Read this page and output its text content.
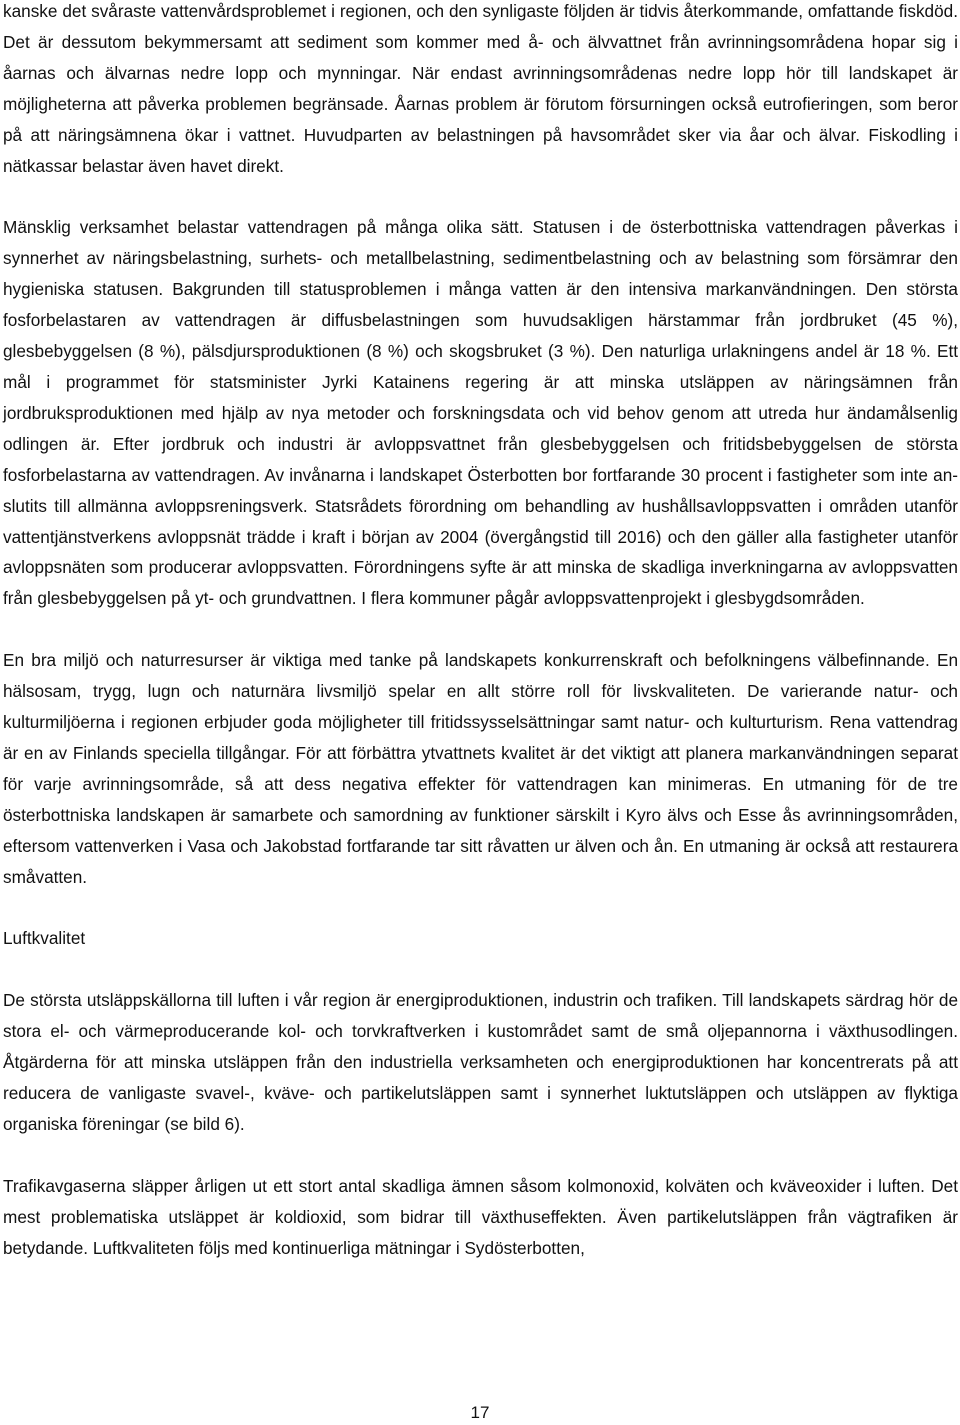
kanske det svåraste vattenvårdsproblemet i regionen, och den synligaste följden är tidvis återkommande, omfattande fiskdöd. Det är dessutom bekymmersamt att sediment som kommer med å- och älvvattnet från avrinningsområdena hopar sig i åarnas och älvarnas nedre lopp och mynningar. När endast avrinningsområdenas nedre lopp hör till landskapet är möjligheterna att påverka problemen begränsade. Åarnas problem är förutom försurningen också eutrofieringen, som beror på att näringsämnena ökar i vattnet. Huvudparten av belastningen på havsområdet sker via åar och älvar. Fiskodling i nätkassar belastar även havet direkt.

Mänsklig verksamhet belastar vattendragen på många olika sätt. Statusen i de österbottniska vattendragen påverkas i synnerhet av näringsbelastning, surhets- och metallbelastning, sedimentbelastning och av belastning som försämrar den hygieniska statusen. Bakgrunden till statusproblemen i många vatten är den intensiva markanvändningen. Den största fosforbelastaren av vattendragen är diffusbelastningen som huvudsakligen härstammar från jordbruket (45 %), glesbebyggelsen (8 %), pälsdjursproduktionen (8 %) och skogsbruket (3 %). Den naturliga urlakningens andel är 18 %. Ett mål i programmet för statsminister Jyrki Katainens regering är att minska utsläppen av näringsämnen från jordbruksproduktionen med hjälp av nya metoder och forskningsdata och vid behov genom att utreda hur ändamålsenlig odlingen är. Efter jordbruk och industri är avloppsvattnet från glesbebyggelsen och fritidsbebyggelsen de största fosforbelastarna av vattendragen. Av invånarna i landskapet Österbotten bor fortfarande 30 procent i fastigheter som inte anslutits till allmänna avloppsreningsverk. Statsrådets förordning om behandling av hushållsavloppsvatten i områden utanför vattentjänstverkens avloppsnät trädde i kraft i början av 2004 (övergångstid till 2016) och den gäller alla fastigheter utanför avloppsnäten som producerar avloppsvatten. Förordningens syfte är att minska de skadliga inverkningarna av avloppsvatten från glesbebyggelsen på yt- och grundvattnen. I flera kommuner pågår avloppsvattenprojekt i glesbygdsområden.

En bra miljö och naturresurser är viktiga med tanke på landskapets konkurrenskraft och befolkningens välbefinnande. En hälsosam, trygg, lugn och naturnära livsmiljö spelar en allt större roll för livskvaliteten. De varierande natur- och kulturmiljöerna i regionen erbjuder goda möjligheter till fritidssysselsättningar samt natur- och kulturturism. Rena vattendrag är en av Finlands speciella tillgångar. För att förbättra ytvattnets kvalitet är det viktigt att planera markanvändningen separat för varje avrinningsområde, så att dess negativa effekter för vattendragen kan minimeras. En utmaning för de tre österbottniska landskapen är samarbete och samordning av funktioner särskilt i Kyro älvs och Esse ås avrinningsområden, eftersom vattenverken i Vasa och Jakobstad fortfarande tar sitt råvatten ur älven och ån. En utmaning är också att restaurera småvatten.

Luftkvalitet

De största utsläppskällorna till luften i vår region är energiproduktionen, industrin och trafiken. Till landskapets särdrag hör de stora el- och värmeproducerande kol- och torvkraftverken i kustområdet samt de små oljepannorna i växthusodlingen. Åtgärderna för att minska utsläppen från den industriella verksamheten och energiproduktionen har koncentrerats på att reducera de vanligaste svavel-, kväve- och partikelutsläppen samt i synnerhet luktutsläppen och utsläppen av flyktiga organiska föreningar (se bild 6).

Trafikavgaserna släpper årligen ut ett stort antal skadliga ämnen såsom kolmonoxid, kolväten och kväveoxider i luften. Det mest problematiska utsläppet är koldioxid, som bidrar till växthuseffekten. Även partikelutsläppen från vägtrafiken är betydande. Luftkvaliteten följs med kontinuerliga mätningar i Sydösterbotten,

17
